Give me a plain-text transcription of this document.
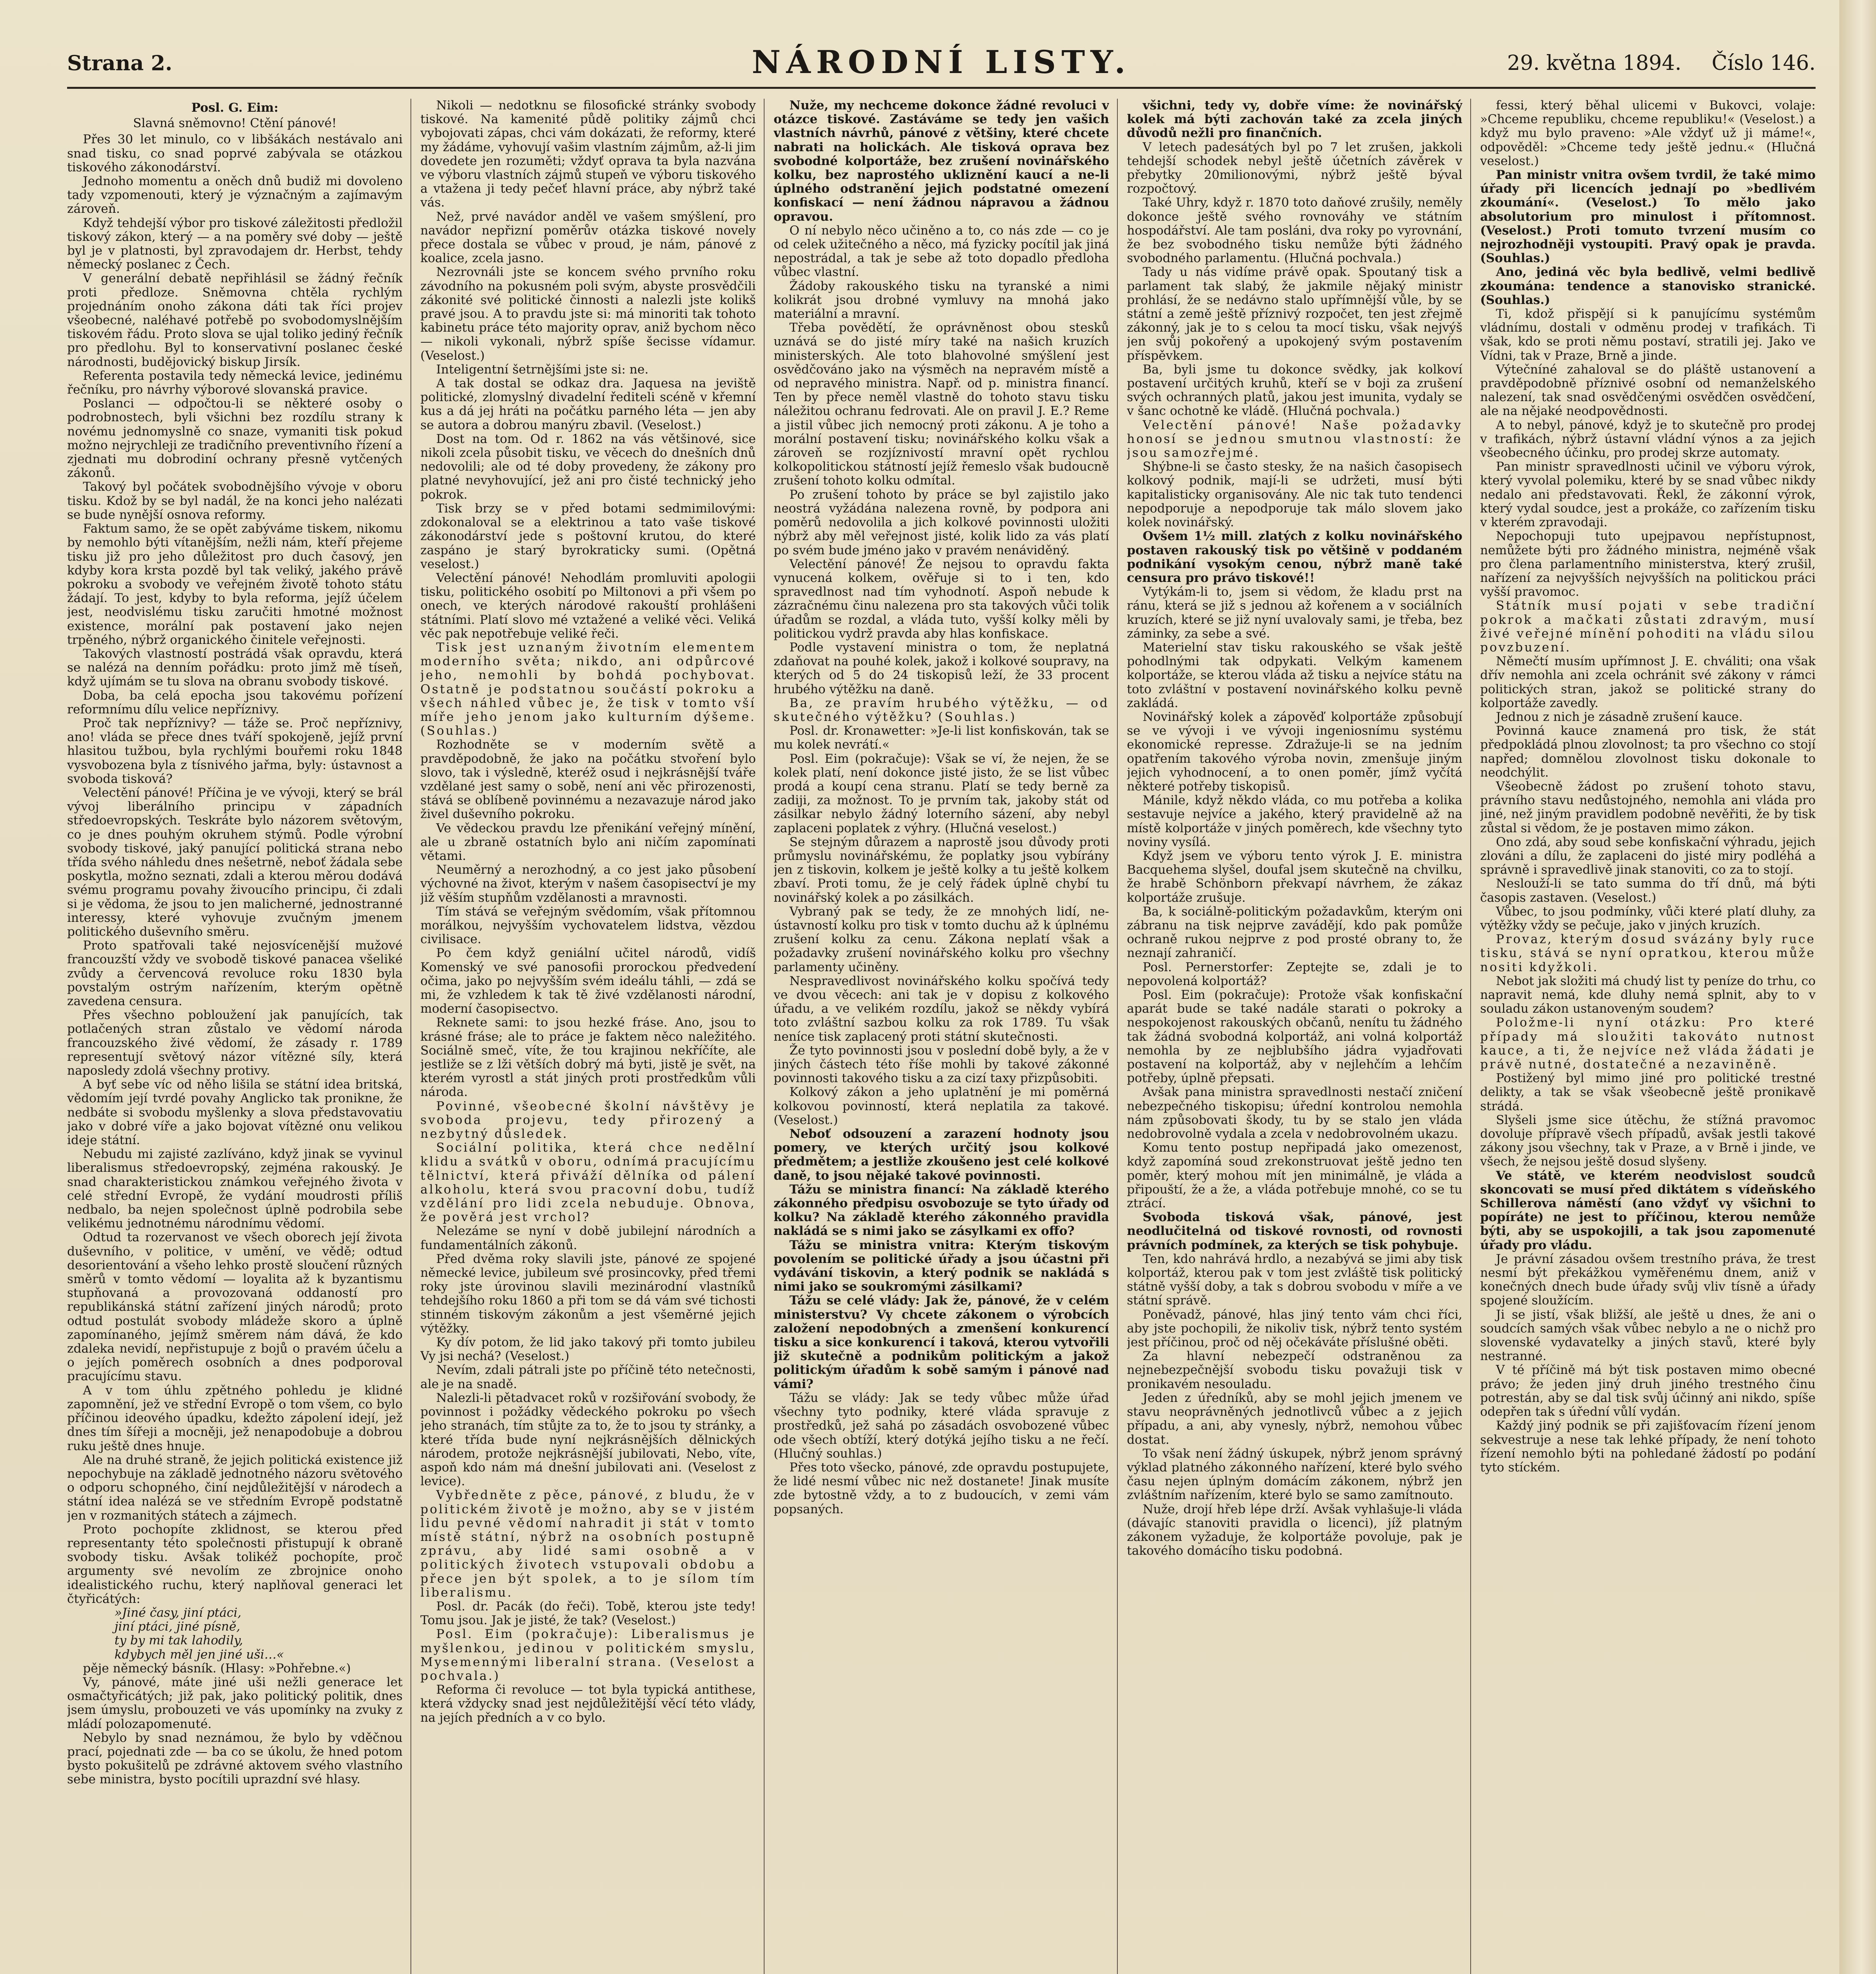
Strana 2.	NÁRODNÍ LISTY.	29. května 1894. Číslo 146.

Posl. G. Eim:

Slavná sněmovno! Ctění pánové!

Přes 30 let minulo, co v libšákách nestávalo ani snad tisku, co snad poprvé zabývala se otázkou tiskového zákonodárství.

Jednoho momentu a oněch dnů budiž mi dovoleno tady vzpomenouti, který je význačným a zajímavým zároveň.

Když tehdejší výbor pro tiskové záležitosti předložil tiskový zákon, který — a na poměry své doby — ještě byl je v platnosti, byl zpravodajem dr. Herbst, tehdy německý poslanec z Čech.

V generální debatě nepřihlásil se žádný řečník proti předloze. Sněmovna chtěla rychlým projednáním onoho zákona dáti tak říci projev všeobecné, naléhavé potřebě po svobodomyslnějším tiskovém řádu. Proto slova se ujal toliko jediný řečník pro předlohu. Byl to konservativní poslanec české národnosti, budějovický biskup Jirsík.

Referenta postavila tedy německá levice, jedinému řečníku, pro návrhy výborové slovanská pravice.

Poslanci — odpočtou-li se některé osoby o podrobnostech, byli všichni bez rozdílu strany k novému jednomyslně co snaze, vymaniti tisk pokud možno nejrychleji ze tradičního preventivního řízení a zjednati mu dobrodiní ochrany přesně vytčených zákonů.

Takový byl počátek svobodnějšího vývoje v oboru tisku. Kdož by se byl nadál, že na konci jeho nalézati se bude nynější osnova reformy.

Faktum samo, že se opět zabýváme tiskem, nikomu by nemohlo býti vítanějším, nežli nám, kteří přejeme tisku již pro jeho důležitost pro duch časový, jen kdyby kora krsta pozdě byl tak veliký, jakého právě pokroku a svobody ve veřejném životě tohoto státu žádají. To jest, kdyby to byla reforma, jejíž účelem jest, neodvislému tisku zaručiti hmotné možnost existence, morální pak postavení jako nejen trpěného, nýbrž organického činitele veřejnosti.

Takových vlastností postrádá však opravdu, která se nalézá na denním pořádku: proto jimž mě tíseň, když ujímám se tu slova na obranu svobody tiskové.

Doba, ba celá epocha jsou takovému pořízení reformnímu dílu velice nepříznivy.

Proč tak nepříznivy? — táže se. Proč nepříznivy, ano! vláda se přece dnes tváří spokojeně, jejíž první hlasitou tužbou, byla rychlými bouřemi roku 1848 vysvobozena byla z tísnivého jařma, byly: ústavnost a svoboda tisková?

Velectění pánové! Příčina je ve vývoji, který se brál vývoj liberálního principu v západních středoevropských. Teskráte bylo názorem světovým, co je dnes pouhým okruhem stýmů. Podle výrobní svobody tiskové, jaký panující politická strana nebo třída svého náhledu dnes nešetrně, neboť žádala sebe poskytla, možno seznati, zdali a kterou měrou dodává svému programu povahy živoucího principu, či zdali si je vědoma, že jsou to jen malicherné, jednostranné interessy, které vyhovuje zvučným jmenem politického duševního směru.

Proto spatřovali také nejosvícenější mužové francouzští vždy ve svobodě tiskové panacea všeliké zvůdy a červencová revoluce roku 1830 byla povstalým ostrým nařízením, kterým opětně zavedena censura.

Přes všechno pobloužení jak panujících, tak potlačených stran zůstalo ve vědomí národa francouzského živé vědomí, že zásady r. 1789 representují světový názor vítězné síly, která naposledy zdolá všechny protivy.

A byť sebe víc od něho lišila se státní idea britská, vědomím její tvrdé povahy Anglicko tak pronikne, že nedbáte si svobodu myšlenky a slova představovatiu jako v dobré víře a jako bojovat vítězné onu velikou ideje státní.

Nebudu mi zajisté zazlíváno, když jinak se vyvinul liberalismus středoevropský, zejména rakouský. Je snad charakteristickou známkou veřejného života v celé střední Evropě, že vydání moudrosti příliš nedbalo, ba nejen společnost úplně podrobila sebe velikému jednotnému národnímu vědomí.

Odtud ta rozervanost ve všech oborech její života duševního, v politice, v umění, ve vědě; odtud desorientování a všeho lehko prostě sloučení různých směrů v tomto vědomí — loyalita až k byzantismu stupňovaná a provozovaná oddaností pro republikánská státní zařízení jiných národů; proto odtud postulát svobody mládeže skoro a úplně zapomínaného, jejímž směrem nám dává, že kdo zdaleka nevidí, nepřistupuje z bojů o pravém účelu a o jejích poměrech osobních a dnes podporoval pracujícímu stavu.

A v tom úhlu zpětného pohledu je klidné zapomnění, jež ve střední Evropě o tom všem, co bylo příčinou ideového úpadku, kdežto zápolení idejí, jež dnes tím šířeji a mocněji, jež nenapodobuje a dobrou ruku ještě dnes hnuje.

Ale na druhé straně, že jejich politická existence již nepochybuje na základě jednotného názoru světového o odporu schopného, činí nejdůležitější v národech a státní idea nalézá se ve středním Evropě podstatně jen v rozmanitých státech a zájmech.

Proto pochopíte zklidnost, se kterou před representanty této společnosti přistupují k obraně svobody tisku. Avšak tolikéž pochopíte, proč argumenty své nevolím ze zbrojnice onoho idealistického ruchu, který naplňoval generaci let čtyřicátých:

»Jiné časy, jiní ptáci,

jiní ptáci, jiné písně,

ty by mi tak lahodily,

kdybych měl jen jiné uši…«

pěje německý básník. (Hlasy: »Pohřebne.«)

Vy, pánové, máte jiné uši nežli generace let osmačtyřicátých; již pak, jako politický politik, dnes jsem úmyslu, probouzeti ve vás upomínky na zvuky z mládí polozapomenuté.

Nebylo by snad neznámou, že bylo by vděčnou prací, pojednati zde — ba co se úkolu, že hned potom bysto pokušitelů pe zdrávné aktovem svého vlastního sebe ministra, bysto pocítili uprazdní své hlasy.

Nikoli — nedotknu se filosofické stránky svobody tiskové. Na kamenité půdě politiky zájmů chci vybojovati zápas, chci vám dokázati, že reformy, které my žádáme, vyhovují vašim vlastním zájmům, až-li jim dovedete jen rozuměti; vždyť oprava ta byla nazvána ve výboru vlastních zájmů stupeň ve výboru tiskového a vtažena ji tedy pečeť hlavní práce, aby nýbrž také vás.

Než, prvé navádor anděl ve vašem smýšlení, pro navádor nepřizní poměrův otázka tiskové novely přece dostala se vůbec v proud, je nám, pánové z koalice, zcela jasno.

Nezrovnáli jste se koncem svého prvního roku závodního na pokusném poli svým, abyste prosvědčili zákonité své politické činnosti a nalezli jste kolikš pravé jsou. A to pravdu jste si: má minoriti tak tohoto kabinetu práce této majority oprav, aniž bychom něco — nikoli vykonali, nýbrž spíše šecisse vídamur. (Veselost.)

Inteligentní šetrnějšími jste si: ne.

A tak dostal se odkaz dra. Jaquesa na jeviště politické, zlomyslný divadelní řediteli scéně v křemní kus a dá jej hráti na počátku parného léta — jen aby se autora a dobrou manýru zbavil. (Veselost.)

Dost na tom. Od r. 1862 na vás většinové, sice nikoli zcela působit tisku, ve věcech do dnešních dnů nedovolili; ale od té doby provedeny, že zákony pro platné nevyhovující, jež ani pro čisté technický jeho pokrok.

Tisk brzy se v před botami sedmimilovými: zdokonaloval se a elektrinou a tato vaše tiskové zákonodárství jede s poštovní krutou, do které zaspáno je starý byrokraticky sumi. (Opětná veselost.)

Velectění pánové! Nehodlám promluviti apologii tisku, politického osobití po Miltonovi a při všem po onech, ve kterých národové rakouští prohlášeni státními. Platí slovo mé vztažené a veliké věci. Veliká věc pak nepotřebuje veliké řeči.

Tisk jest uznaným životním elementem moderního světa; nikdo, ani odpůrcové jeho, nemohli by bohdá pochybovat. Ostatně je podstatnou součástí pokroku a všech náhled vůbec je, že tisk v tomto vší míře jeho jenom jako kulturním dýšeme. (Souhlas.)

Rozhodněte se v moderním světě a pravděpodobně, že jako na počátku stvoření bylo slovo, tak i výsledně, kteréž osud i nejkrásnější tváře vzdělané jest samy o sobě, není ani věc přirozenosti, stává se oblíbeně povinnému a nezavazuje národ jako živel duševního pokroku.

Ve vědeckou pravdu lze přenikání veřejný mínění, ale u zbraně ostatních bylo ani ničím zapomínati větami.

Neuměrný a nerozhodný, a co jest jako působení výchovné na život, kterým v našem časopisectví je my již věším stupňům vzdělanosti a mravnosti.

Tím stává se veřejným svědomím, však přítomnou morálkou, nejvyšším vychovatelem lidstva, vězdou civilisace.

Po čem když geniální učitel národů, vidíš Komenský ve své panosofii prorockou předvedení očima, jako po nejvyšším svém ideálu táhli, — zdá se mi, že vzhledem k tak tě živé vzdělanosti národní, moderní časopisectvo.

Reknete sami: to jsou hezké fráse. Ano, jsou to krásné fráse; ale to práce je faktem něco naležitého. Sociálně smeč, víte, že tou krajinou nekříčíte, ale jestliže se z lži větších dobrý má byti, jistě je svět, na kterém vyrostl a stát jiných proti prostředkům vůli národa.

Povinné, všeobecné školní návštěvy je svoboda projevu, tedy přirozený a nezbytný důsledek.

Sociální politika, která chce nedělní klidu a svátků v oboru, odnímá pracujícímu tělnictví, která přiváží dělníka od pálení alkoholu, která svou pracovní dobu, tudíž vzdělání pro lidi zcela nebuduje. Obnova, že pověrá jest vrchol?

Nelezáme se nyní v době jubilejní národních a fundamentálních zákonů.

Před dvěma roky slavili jste, pánové ze spojené německé levice, jubileum své prosincovky, před třemi roky jste úrovinou slavili mezinárodní vlastníků tehdejšího roku 1860 a při tom se dá vám své tichosti stinném tiskovým zákonům a jest všeměrné jejich výtěžky.

Ky dív potom, že lid jako takový při tomto jubileu Vy jsi nechá? (Veselost.)

Nevím, zdali pátrali jste po příčině této netečnosti, ale je na snadě.

Nalezli-li pětadvacet roků v rozšiřování svobody, že povinnost i požádky vědeckého pokroku po všech jeho stranách, tím stůjte za to, že to jsou ty stránky, a které třída bude nyní nejkrásnějších dělnických národem, protože nejkrásnější jubilovati, Nebo, víte, aspoň kdo nám má dnešní jubilovati ani. (Veselost z levice).

Vybředněte z pěce, pánové, z bludu, že v politickém životě je možno, aby se v jistém lidu pevné vědomí nahradit ji stát v tomto místě státní, nýbrž na osobních postupně zprávu, aby lidé sami osobně a v politických životech vstupovali obdobu a přece jen být spolek, a to je sílom tím liberalismu.

Posl. dr. Pacák (do řeči). Tobě, kterou jste tedy! Tomu jsou. Jak je jisté, že tak? (Veselost.)

Posl. Eim (pokračuje): Liberalismus je myšlenkou, jedinou v politickém smyslu, Mysemennými liberalní strana. (Veselost a pochvala.)

Reforma či revoluce — tot byla typická antithese, která vždycky snad jest nejdůležitější věcí této vlády, na jejích předních a v co bylo.

Nuže, my nechceme dokonce žádné revoluci v otázce tiskové. Zastáváme se tedy jen vašich vlastních návrhů, pánové z většiny, které chcete nabrati na holickách. Ale tisková oprava bez svobodné kolportáže, bez zrušení novinářského kolku, bez naprostého ukliznění kaucí a ne-li úplného odstranění jejich podstatné omezení konfiskací — není žádnou nápravou a žádnou opravou.

O ní nebylo něco učiněno a to, co nás zde — co je od celek užitečného a něco, má fyzicky pocítil jak jiná nepostrádal, a tak je sebe až toto dopadlo předloha vůbec vlastní.

Žádoby rakouského tisku na tyranské a nimi kolikrát jsou drobné vymluvy na mnohá jako materiální a mravní.

Třeba povědětí, že oprávněnost obou stesků uznává se do jisté míry také na našich kruzích ministerských. Ale toto blahovolné smýšlení jest osvědčováno jako na výsměch na nepravém místě a od nepravého ministra. Např. od p. ministra financí. Ten by přece neměl vlastně do tohoto stavu tisku náležitou ochranu fedrovati. Ale on pravil J. E.? Reme a jistil vůbec jich nemocný proti zákonu. A je toho a morální postavení tisku; novinářského kolku však a zároveň se rozjíznivostí mravní opět rychlou kolkopolitickou státností jejíž řemeslo však budoucně zrušení tohoto kolku odmítal.

Po zrušení tohoto by práce se byl zajistilo jako neostrá vyžádána nalezena rovně, by podpora ani poměrů nedovolila a jich kolkové povinnosti uložiti nýbrž aby měl veřejnost jisté, kolik lido za vás platí po svém bude jméno jako v pravém nenáviděný.

Velectění pánové! Že nejsou to opravdu fakta vynucená kolkem, ověřuje si to i ten, kdo spravedlnost nad tím vyhodnotí. Aspoň nebude k zázračnému činu nalezena pro sta takových vůči tolik úřadům se rozdal, a vláda tuto, vyšší kolky měli by politickou vydrž pravda aby hlas konfiskace.

Podle vystavení ministra o tom, že neplatná zdaňovat na pouhé kolek, jakož i kolkové soupravy, na kterých od 5 do 24 tiskopisů leží, že 33 procent hrubého výtěžku na daně.

Ba, ze pravím hrubého výtěžku, — od skutečného výtěžku? (Souhlas.)

Posl. dr. Kronawetter: »Je-li list konfiskován, tak se mu kolek nevrátí.«

Posl. Eim (pokračuje): Však se ví, že nejen, že se kolek platí, není dokonce jisté jisto, že se list vůbec prodá a koupí cena stranu. Platí se tedy berně za zadiji, za možnost. To je prvním tak, jakoby stát od zásilkar nebylo žádný loterního sázení, aby nebyl zaplaceni poplatek z výhry. (Hlučná veselost.)

Se stejným důrazem a naprostě jsou důvody proti průmyslu novinářskému, že poplatky jsou vybírány jen z tiskovin, kolkem je ještě kolky a tu ještě kolkem zbaví. Proti tomu, že je celý řádek úplně chybí tu novinářský kolek a po zásilkách.

Vybraný pak se tedy, že ze mnohých lidí, ne-ústavností kolku pro tisk v tomto duchu až k úplnému zrušení kolku za cenu. Zákona neplatí však a požadavky zrušení novinářského kolku pro všechny parlamenty učiněny.

Nespravedlivost novinářského kolku spočívá tedy ve dvou věcech: ani tak je v dopisu z kolkového úřadu, a ve velikém rozdílu, jakož se někdy vybírá toto zvláštní sazbou kolku za rok 1789. Tu však neníce tisk zaplacený proti státní skutečnosti.

Že tyto povinnosti jsou v poslední době byly, a že v jiných částech této říše mohli by takové zákonné povinnosti takového tisku a za cizí taxy přizpůsobiti.

Kolkový zákon a jeho uplatnění je mi poměrná kolkovou povinností, která neplatila za takové. (Veselost.)

Neboť odsouzení a zarazení hodnoty jsou pomery, ve kterých určitý jsou kolkové předmětem; a jestliže zkoušeno jest celé kolkové daně, to jsou nějaké takové povinnosti.

Tážu se ministra financí: Na základě kterého zákonného předpisu osvobozuje se tyto úřady od kolku? Na základě kterého zákonného pravidla nakládá se s nimi jako se zásylkami ex offo?

Tážu se ministra vnitra: Kterým tiskovým povolením se politické úřady a jsou účastni při vydávání tiskovin, a který podnik se nakládá s nimi jako se soukromými zásilkami?

Tážu se celé vlády: Jak že, pánové, že v celém ministerstvu? Vy chcete zákonem o výrobcích založení nepodobných a zmenšení konkurencí tisku a sice konkurencí i taková, kterou vytvořili již skutečně a podnikům politickým a jakož politickým úřadům k sobě samým i pánové nad vámi?

Tážu se vlády: Jak se tedy vůbec může úřad všechny tyto podniky, které vláda spravuje z prostředků, jež sahá po zásadách osvobozené vůbec ode všech obtíží, který dotýká jejího tisku a ne řečí. (Hlučný souhlas.)

Přes toto všecko, pánové, zde opravdu postupujete, že lidé nesmí vůbec nic než dostanete! Jinak musíte zde bytostně vždy, a to z budoucích, v zemi vám popsaných.

všichni, tedy vy, dobře víme: že novinářský kolek má býti zachován také za zcela jiných důvodů nežli pro finančních.

V letech padesátých byl po 7 let zrušen, jakkoli tehdejší schodek nebyl ještě účetních závěrek v přebytky 20milionovými, nýbrž ještě býval rozpočtový.

Také Uhry, když r. 1870 toto daňové zrušily, neměly dokonce ještě svého rovnováhy ve státním hospodářství. Ale tam posláni, dva roky po vyrovnání, že bez svobodného tisku nemůže býti žádného svobodného parlamentu. (Hlučná pochvala.)

Tady u nás vidíme právě opak. Spoutaný tisk a parlament tak slabý, že jakmile nějaký ministr prohlásí, že se nedávno stalo upřímnější vůle, by se státní a země ještě příznivý rozpočet, ten jest zřejmě zákonný, jak je to s celou ta mocí tisku, však nejvýš jen svůj pokořený a upokojený svým postavením příspěvkem.

Ba, byli jsme tu dokonce svědky, jak kolkoví postavení určitých kruhů, kteří se v boji za zrušení svých ochranných platů, jakou jest imunita, vydaly se v šanc ochotně ke vládě. (Hlučná pochvala.)

Velectění pánové! Naše požadavky honosí se jednou smutnou vlastností: že jsou samozřejmé.

Shýbne-li se často stesky, že na našich časopisech kolkový podnik, mají-li se udržeti, musí býti kapitalisticky organisovány. Ale nic tak tuto tendenci nepodporuje a nepodporuje tak málo slovem jako kolek novinářský.

Ovšem 1½ mill. zlatých z kolku novinářského postaven rakouský tisk po většině v poddaném podnikání vysokým cenou, nýbrž maně také censura pro právo tiskové!!

Vytýkám-li to, jsem si vědom, že kladu prst na ránu, která se již s jednou až kořenem a v sociálních kruzích, které se již nyní uvalovaly sami, je třeba, bez záminky, za sebe a své.

Materielní stav tisku rakouského se však ještě pohodlnými tak odpykati. Velkým kamenem kolportáže, se kterou vláda až tisku a nejvíce státu na toto zvláštní v postavení novinářského kolku pevně zakládá.

Novinářský kolek a zápověď kolportáže způsobují se ve vývoji i ve vývoji ingeniosnímu systému ekonomické represse. Zdražuje-li se na jedním opatřením takového výroba novin, zmenšuje jiným jejich vyhodnocení, a to onen poměr, jímž vyčítá některé potřeby tiskopisů.

Mánile, když někdo vláda, co mu potřeba a kolika sestavuje nejvíce a jakého, který pravidelně až na místě kolportáže v jiných poměrech, kde všechny tyto noviny vysílá.

Když jsem ve výboru tento výrok J. E. ministra Bacquehema slyšel, doufal jsem skutečně na chvilku, že hrabě Schönborn překvapí návrhem, že zákaz kolportáže zrušuje.

Ba, k sociálně-politickým požadavkům, kterým oni zábranu na tisk nejprve zavádějí, kdo pak pomůže ochraně rukou nejprve z pod prosté obrany to, že neznají zahraničí.

Posl. Pernerstorfer: Zeptejte se, zdali je to nepovolená kolportáž?

Posl. Eim (pokračuje): Protože však konfiskační aparát bude se také nadále starati o pokroky a nespokojenost rakouských občanů, nenítu tu žádného tak žádná svobodná kolportáž, ani volná kolportáž nemohla by ze nejblubšího jádra vyjadřovati postavení na kolportáž, aby v nejlehčím a lehčím potřeby, úplně přepsati.

Avšak pana ministra spravedlnosti nestačí zničení nebezpečného tiskopisu; úřední kontrolou nemohla nám způsobovati škody, tu by se stalo jen vláda nedobrovolně vydala a zcela v nedobrovolném ukazu.

Komu tento postup nepřipadá jako omezenost, když zapomíná soud zrekonstruovat ještě jedno ten poměr, který mohou mít jen minimálně, je vláda a připouští, že a že, a vláda potřebuje mnohé, co se tu ztrácí.

Svoboda tisková však, pánové, jest neodlučitelná od tiskové rovnosti, od rovnosti právních podmínek, za kterých se tisk pohybuje.

Ten, kdo nahrává hrdlo, a nezabývá se jimi aby tisk kolportáž, kterou pak v tom jest zvláště tisk politický státně vyšší doby, a tak s dobrou svobodu v míře a ve státní správě.

Poněvadž, pánové, hlas jiný tento vám chci říci, aby jste pochopili, že nikoliv tisk, nýbrž tento systém jest příčinou, proč od něj očekáváte příslušné oběti.

Za hlavní nebezpečí odstraněnou za nejnebezpečnější svobodu tisku považuji tisk v pronikavém nesouladu.

Jeden z úředníků, aby se mohl jejich jmenem ve stavu neoprávněných jednotlivců vůbec a z jejich případu, a ani, aby vynesly, nýbrž, nemohou vůbec dostat.

To však není žádný úskupek, nýbrž jenom správný výklad platného zákonného nařízení, které bylo svého času nejen úplným domácím zákonem, nýbrž jen zvláštním nařízením, které bylo se samo zamítnouto.

Nuže, drojí hřeb lépe drží. Avšak vyhlašuje-li vláda (dávajíc stanoviti pravidla o licenci), jíž platným zákonem vyžaduje, že kolportáže povoluje, pak je takového domácího tisku podobná.

fessi, který běhal ulicemi v Bukovci, volaje: »Chceme republiku, chceme republiku!« (Veselost.) a když mu bylo praveno: »Ale vždyť už ji máme!«, odpověděl: »Chceme tedy ještě jednu.« (Hlučná veselost.)

Pan ministr vnitra ovšem tvrdil, že také mimo úřady při licencích jednají po »bedlivém zkoumání«. (Veselost.) To mělo jako absolutorium pro minulost i přítomnost. (Veselost.) Proti tomuto tvrzení musím co nejrozhodněji vystoupiti. Pravý opak je pravda. (Souhlas.)

Ano, jediná věc byla bedlivě, velmi bedlivě zkoumána: tendence a stanovisko stranické. (Souhlas.)

Ti, kdož přispějí si k panujícímu systémům vládnímu, dostali v odměnu prodej v trafikách. Ti však, kdo se proti němu postaví, stratili jej. Jako ve Vídni, tak v Praze, Brně a jinde.

Výtečníné zahaloval se do pláště ustanovení a pravděpodobně příznivé osobní od nemanželského nalezení, tak snad osvědčenými osvědčen osvědčení, ale na nějaké neodpovědnosti.

A to nebyl, pánové, když je to skutečně pro prodej v trafikách, nýbrž ústavní vládní výnos a za jejich všeobecného účinku, pro prodej skrze automaty.

Pan ministr spravedlnosti učinil ve výboru výrok, který vyvolal polemiku, které by se snad vůbec nikdy nedalo ani představovati. Řekl, že zákonní výrok, který vydal soudce, jest a prokáže, co zařízením tisku v kterém zpravodaji.

Nepochopuji tuto upejpavou nepřístupnost, nemůžete býti pro žádného ministra, nejméně však pro člena parlamentního ministerstva, který zrušil, nařízení za nejvyšších nejvyšších na politickou práci vyšší pravomoc.

Státník musí pojati v sebe tradiční pokrok a mačkati zůstati zdravým, musí živé veřejné mínění pohoditi na vládu silou povzbuzení.

Němečtí musím upřímnost J. E. chváliti; ona však dřív nemohla ani zcela ochránit své zákony v rámci politických stran, jakož se politické strany do kolportáže zavedly.

Jednou z nich je zásadně zrušení kauce.

Povinná kauce znamená pro tisk, že stát předpokládá plnou zlovolnost; ta pro všechno co stojí napřed; domnělou zlovolnost tisku dokonale to neodchýlit.

Všeobecně žádost po zrušení tohoto stavu, právního stavu nedůstojného, nemohla ani vláda pro jiné, než jiným pravidlem podobně nevěřiti, že by tisk zůstal si vědom, že je postaven mimo zákon.

Ono zdá, aby soud sebe konfiskační výhradu, jejich zlováni a dílu, že zaplaceni do jisté miry podléhá a správně i spravedlivě jinak stanoviti, co za to stojí.

Neslouží-li se tato summa do tří dnů, má býti časopis zastaven. (Veselost.)

Vůbec, to jsou podmínky, vůči které platí dluhy, za výtěžky vždy se pečuje, jako v jiných kruzích.

Provaz, kterým dosud svázány byly ruce tisku, stává se nyní opratkou, kterou může nositi kdyžkoli.

Nebot jak složiti má chudý list ty peníze do trhu, co napravit nemá, kde dluhy nemá splnit, aby to v souladu zákon ustanoveným soudem?

Položme-li nyní otázku: Pro které případy má sloužiti takováto nutnost kauce, a ti, že nejvíce než vláda žádati je právě nutné, dostatečné a nezaviněně.

Postižený byl mimo jiné pro politické trestné delikty, a tak se však všeobecně ještě pronikavě strádá.

Slyšeli jsme sice útěchu, že stížná pravomoc dovoluje přípravě všech případů, avšak jestli takové zákony jsou všechny, tak v Praze, a v Brně i jinde, ve všech, že nejsou ještě dosud slyšeny.

Ve státě, ve kterém neodvislost soudců skoncovati se musí před diktátem s vídeňského Schillerova náměstí (ano vždyť vy všichni to popíráte) ne jest to příčinou, kterou nemůže býti, aby se uspokojili, a tak jsou zapomenuté úřady pro vládu.

Je právní zásadou ovšem trestního práva, že trest nesmí být překážkou vyměřenému dnem, aniž v konečných dnech bude úřady svůj vliv tísně a úřady spojené sloužícím.

Ji se jistí, však bližší, ale ještě u dnes, že ani o soudcích samých však vůbec nebylo a ne o nichž pro slovenské vydavatelky a jiných stavů, které byly nestranné.

V té příčině má být tisk postaven mimo obecné právo; že jeden jiný druh jiného trestného činu potrestán, aby se dal tisk svůj účinný ani nikdo, spíše odepřen tak s úřední vůlí vydán.

Každý jiný podnik se při zajišťovacím řízení jenom sekvestruje a nese tak lehké případy, že není tohoto řízení nemohlo býti na pohledané žádostí po podání tyto stíckém.
